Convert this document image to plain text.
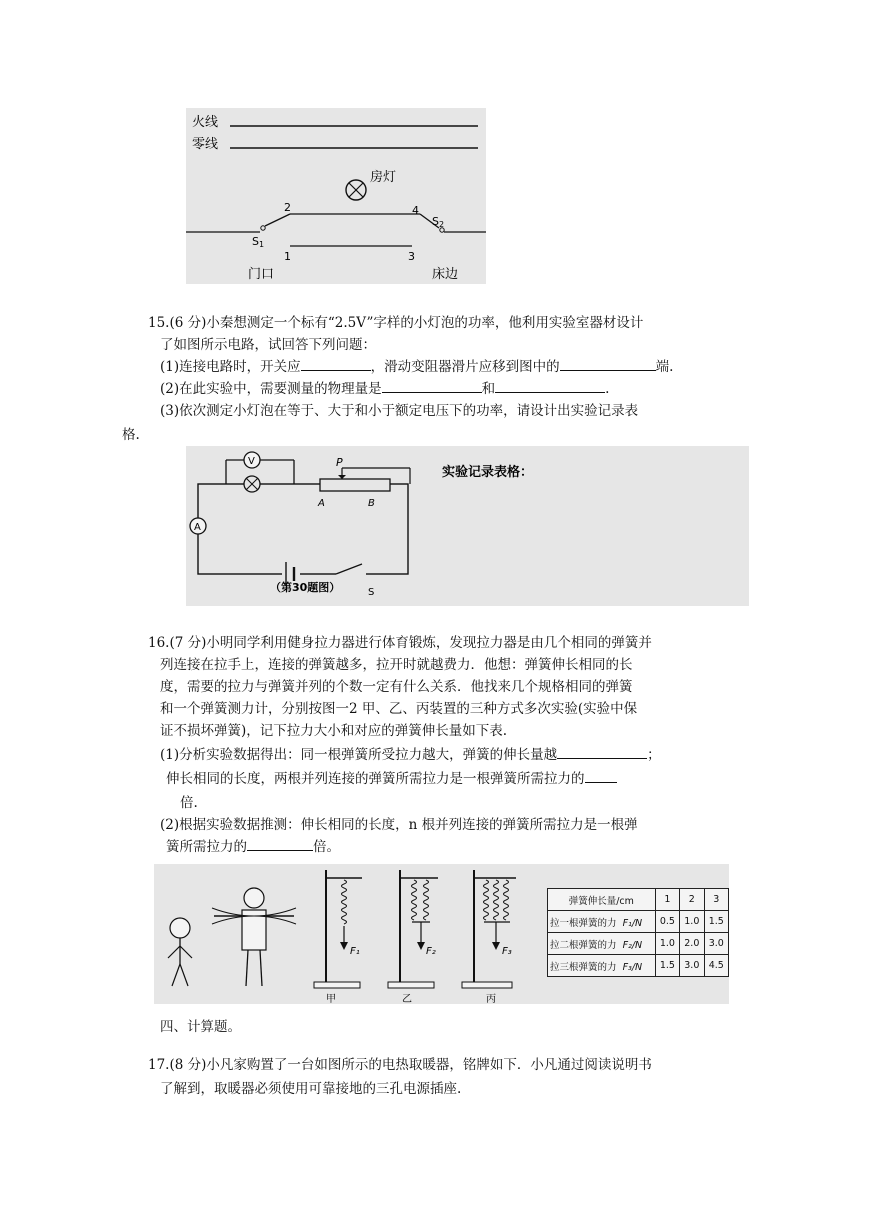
火线
零线
房灯
2	4
1	3
S1
S2
门口	床边
15.(6 分)小秦想测定一个标有“2.5V”字样的小灯泡的功率，他利用实验室器材设计
了如图所示电路，试回答下列问题：
(1)连接电路时，开关应	，滑动变阻器滑片应移到图中的	端.
(2)在此实验中，需要测量的物理量是	和	.
(3)依次测定小灯泡在等于、大于和小于额定电压下的功率，请设计出实验记录表
格.
V	P
A	B
A
S
（第30题图）
实验记录表格：
16.(7 分)小明同学利用健身拉力器进行体育锻炼，发现拉力器是由几个相同的弹簧并
列连接在拉手上，连接的弹簧越多，拉开时就越费力．他想：弹簧伸长相同的长
度，需要的拉力与弹簧并列的个数一定有什么关系．他找来几个规格相同的弹簧
和一个弹簧测力计，分别按图一2 甲、乙、丙装置的三种方式多次实验(实验中保
证不损坏弹簧)，记下拉力大小和对应的弹簧伸长量如下表.
(1)分析实验数据得出：同一根弹簧所受拉力越大，弹簧的伸长量越	；
伸长相同的长度，两根并列连接的弹簧所需拉力是一根弹簧所需拉力的
倍.
(2)根据实验数据推测：伸长相同的长度，n 根并列连接的弹簧所需拉力是一根弹
簧所需拉力的	倍。
F₁
甲
F₂
乙
F₃
丙
弹簧伸长量/cm	1	2	3
拉一根弹簧的力 F₁/N	0.5	1.0	1.5
拉二根弹簧的力 F₂/N	1.0	2.0	3.0
拉三根弹簧的力 F₃/N	1.5	3.0	4.5
四、计算题。
17.(8 分)小凡家购置了一台如图所示的电热取暖器，铭牌如下．小凡通过阅读说明书
了解到，取暖器必须使用可靠接地的三孔电源插座.
